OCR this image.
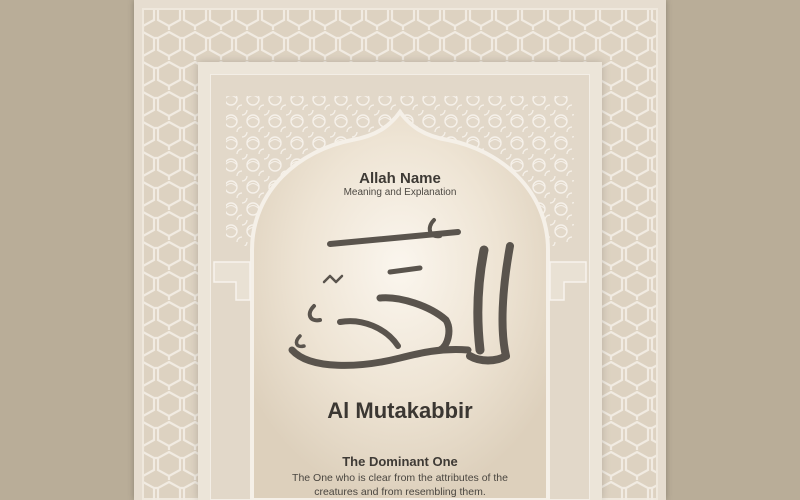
Allah Name
Meaning and Explanation
المتكبر
Al Mutakabbir
The Dominant One
The One who is clear from the attributes of the creatures and from resembling them.
